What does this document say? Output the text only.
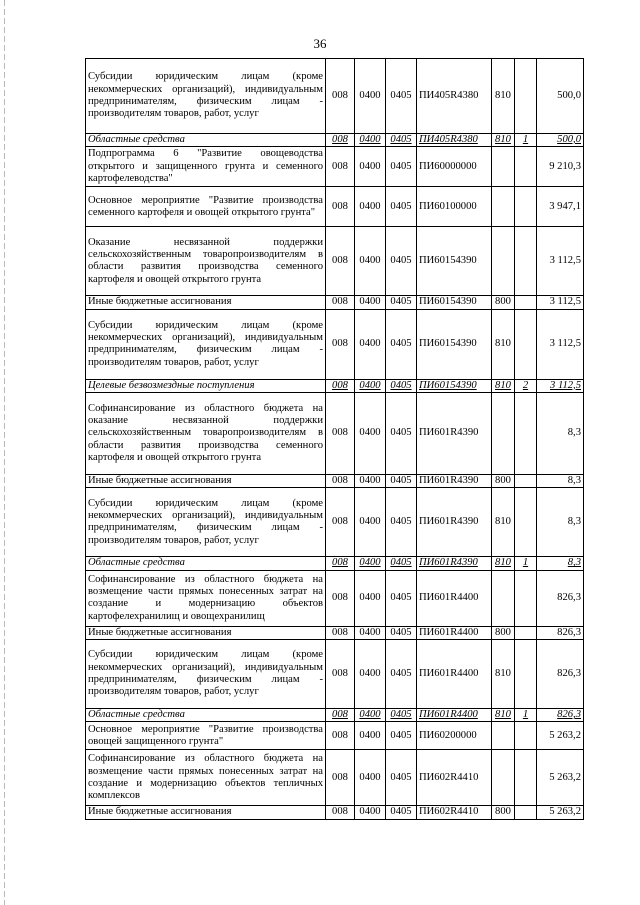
36
Субсидии юридическим лицам (кроме некоммерческих организаций), индивидуальным предпринимателям, физическим лицам - производителям товаров, работ, услуг	008	0400	0405	ПИ405R4380	810		500,0
Областные средства	008	0400	0405	ПИ405R4380	810	1	500,0
Подпрограмма 6 "Развитие овощеводства открытого и защищенного грунта и семенного картофелеводства"	008	0400	0405	ПИ60000000			9 210,3
Основное мероприятие "Развитие производства семенного картофеля и овощей открытого грунта"	008	0400	0405	ПИ60100000			3 947,1
Оказание несвязанной поддержки сельскохозяйственным товаропроизводителям в области развития производства семенного картофеля и овощей открытого грунта	008	0400	0405	ПИ60154390			3 112,5
Иные бюджетные ассигнования	008	0400	0405	ПИ60154390	800		3 112,5
Субсидии юридическим лицам (кроме некоммерческих организаций), индивидуальным предпринимателям, физическим лицам - производителям товаров, работ, услуг	008	0400	0405	ПИ60154390	810		3 112,5
Целевые безвозмездные поступления	008	0400	0405	ПИ60154390	810	2	3 112,5
Софинансирование из областного бюджета на оказание несвязанной поддержки сельскохозяйственным товаропроизводителям в области развития производства семенного картофеля и овощей открытого грунта	008	0400	0405	ПИ601R4390			8,3
Иные бюджетные ассигнования	008	0400	0405	ПИ601R4390	800		8,3
Субсидии юридическим лицам (кроме некоммерческих организаций), индивидуальным предпринимателям, физическим лицам - производителям товаров, работ, услуг	008	0400	0405	ПИ601R4390	810		8,3
Областные средства	008	0400	0405	ПИ601R4390	810	1	8,3
Софинансирование из областного бюджета на возмещение части прямых понесенных затрат на создание и модернизацию объектов картофелехранилищ и овощехранилищ	008	0400	0405	ПИ601R4400			826,3
Иные бюджетные ассигнования	008	0400	0405	ПИ601R4400	800		826,3
Субсидии юридическим лицам (кроме некоммерческих организаций), индивидуальным предпринимателям, физическим лицам - производителям товаров, работ, услуг	008	0400	0405	ПИ601R4400	810		826,3
Областные средства	008	0400	0405	ПИ601R4400	810	1	826,3
Основное мероприятие "Развитие производства овощей защищенного грунта"	008	0400	0405	ПИ60200000			5 263,2
Софинансирование из областного бюджета на возмещение части прямых понесенных затрат на создание и модернизацию объектов тепличных комплексов	008	0400	0405	ПИ602R4410			5 263,2
Иные бюджетные ассигнования	008	0400	0405	ПИ602R4410	800		5 263,2
